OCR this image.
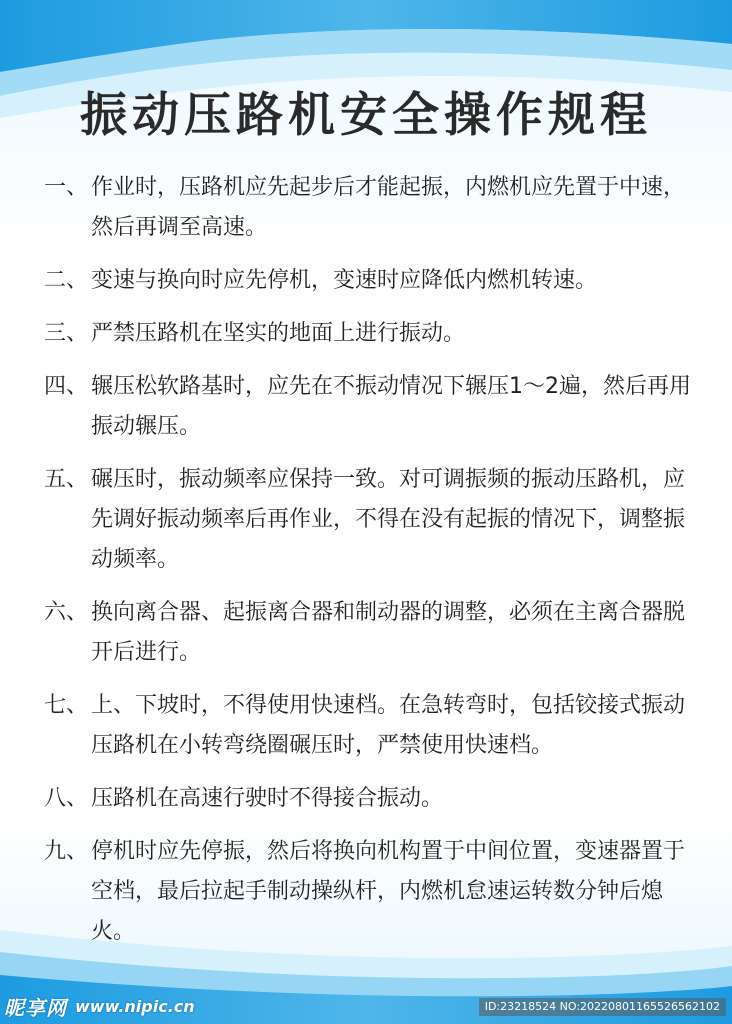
振动压路机安全操作规程
一、 作业时，压路机应先起步后才能起振，内燃机应先置于中速，然后再调至高速。
二、 变速与换向时应先停机，变速时应降低内燃机转速。
三、 严禁压路机在坚实的地面上进行振动。
四、 辗压松软路基时，应先在不振动情况下辗压1～2遍，然后再用振动辗压。
五、 碾压时，振动频率应保持一致。对可调振频的振动压路机，应先调好振动频率后再作业，不得在没有起振的情况下，调整振动频率。
六、 换向离合器、起振离合器和制动器的调整，必须在主离合器脱开后进行。
七、 上、下坡时，不得使用快速档。在急转弯时，包括铰接式振动压路机在小转弯绕圈碾压时，严禁使用快速档。
八、 压路机在高速行驶时不得接合振动。
九、 停机时应先停振，然后将换向机构置于中间位置，变速器置于空档，最后拉起手制动操纵杆，内燃机怠速运转数分钟后熄火。
昵享网 www.nipic.cn	ID:23218524 NO:20220801165526562102
